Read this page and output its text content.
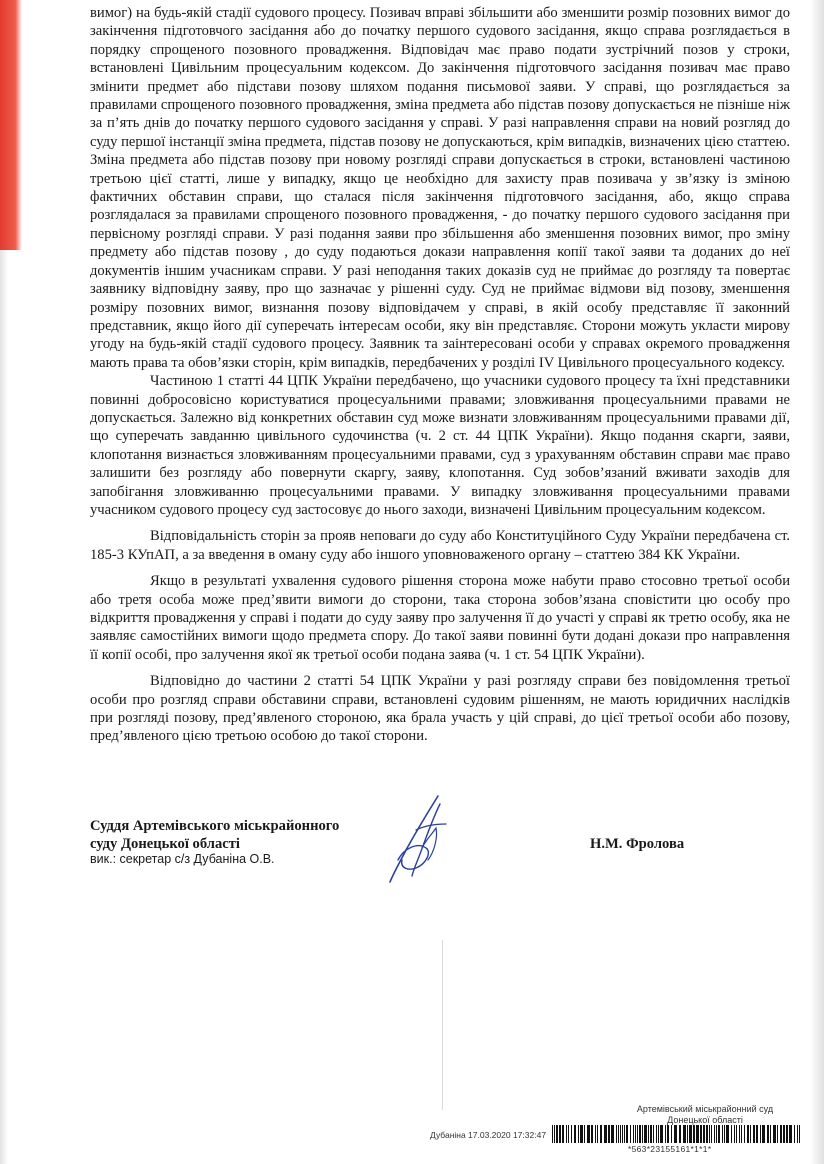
вимог) на будь-якій стадії судового процесу. Позивач вправі збільшити або зменшити розмір позовних вимог до закінчення підготовчого засідання або до початку першого судового засідання, якщо справа розглядається в порядку спрощеного позовного провадження. Відповідач має право подати зустрічний позов у строки, встановлені Цивільним процесуальним кодексом. До закінчення підготовчого засідання позивач має право змінити предмет або підстави позову шляхом подання письмової заяви. У справі, що розглядається за правилами спрощеного позовного провадження, зміна предмета або підстав позову допускається не пізніше ніж за п’ять днів до початку першого судового засідання у справі. У разі направлення справи на новий розгляд до суду першої інстанції зміна предмета, підстав позову не допускаються, крім випадків, визначених цією статтею. Зміна предмета або підстав позову при новому розгляді справи допускається в строки, встановлені частиною третьою цієї статті, лише у випадку, якщо це необхідно для захисту прав позивача у зв’язку із зміною фактичних обставин справи, що сталася після закінчення підготовчого засідання, або, якщо справа розглядалася за правилами спрощеного позовного провадження, - до початку першого судового засідання при первісному розгляді справи. У разі подання заяви про збільшення або зменшення позовних вимог, про зміну предмету або підстав позову , до суду подаються докази направлення копії такої заяви та доданих до неї документів іншим учасникам справи. У разі неподання таких доказів суд не приймає до розгляду та повертає заявнику відповідну заяву, про що зазначає у рішенні суду. Суд не приймає відмови від позову, зменшення розміру позовних вимог, визнання позову відповідачем у справі, в якій особу представляє її законний представник, якщо його дії суперечать інтересам особи, яку він представляє. Сторони можуть укласти мирову угоду на будь-якій стадії судового процесу. Заявник та заінтересовані особи у справах окремого провадження мають права та обов’язки сторін, крім випадків, передбачених у розділі IV Цивільного процесуального кодексу.

Частиною 1 статті 44 ЦПК України передбачено, що учасники судового процесу та їхні представники повинні добросовісно користуватися процесуальними правами; зловживання процесуальними правами не допускається. Залежно від конкретних обставин суд може визнати зловживанням процесуальними правами дії, що суперечать завданню цивільного судочинства (ч. 2 ст. 44 ЦПК України). Якщо подання скарги, заяви, клопотання визнається зловживанням процесуальними правами, суд з урахуванням обставин справи має право залишити без розгляду або повернути скаргу, заяву, клопотання. Суд зобов’язаний вживати заходів для запобігання зловживанню процесуальними правами. У випадку зловживання процесуальними правами учасником судового процесу суд застосовує до нього заходи, визначені Цивільним процесуальним кодексом.

Відповідальність сторін за прояв неповаги до суду або Конституційного Суду України передбачена ст. 185-3 КУпАП, а за введення в оману суду або іншого уповноваженого органу – статтею 384 КК України.

Якщо в результаті ухвалення судового рішення сторона може набути право стосовно третьої особи або третя особа може пред’явити вимоги до сторони, така сторона зобов’язана сповістити цю особу про відкриття провадження у справі і подати до суду заяву про залучення її до участі у справі як третю особу, яка не заявляє самостійних вимоги щодо предмета спору. До такої заяви повинні бути додані докази про направлення її копії особі, про залучення якої як третьої особи подана заява (ч. 1 ст. 54 ЦПК України).

Відповідно до частини 2 статті 54 ЦПК України у разі розгляду справи без повідомлення третьої особи про розгляд справи обставини справи, встановлені судовим рішенням, не мають юридичних наслідків при розгляді позову, пред’явленого стороною, яка брала участь у цій справі, до цієї третьої особи або позову, пред’явленого цією третьою особою до такої сторони.

Суддя Артемівського міськрайонного
суду Донецької області
вик.: секретар с/з Дубаніна О.В.
Н.М. Фролова
Артемівський міськрайонний суд
Донецької області
Дубаніна 17.03.2020 17:32:47
*563*23155161*1*1*
